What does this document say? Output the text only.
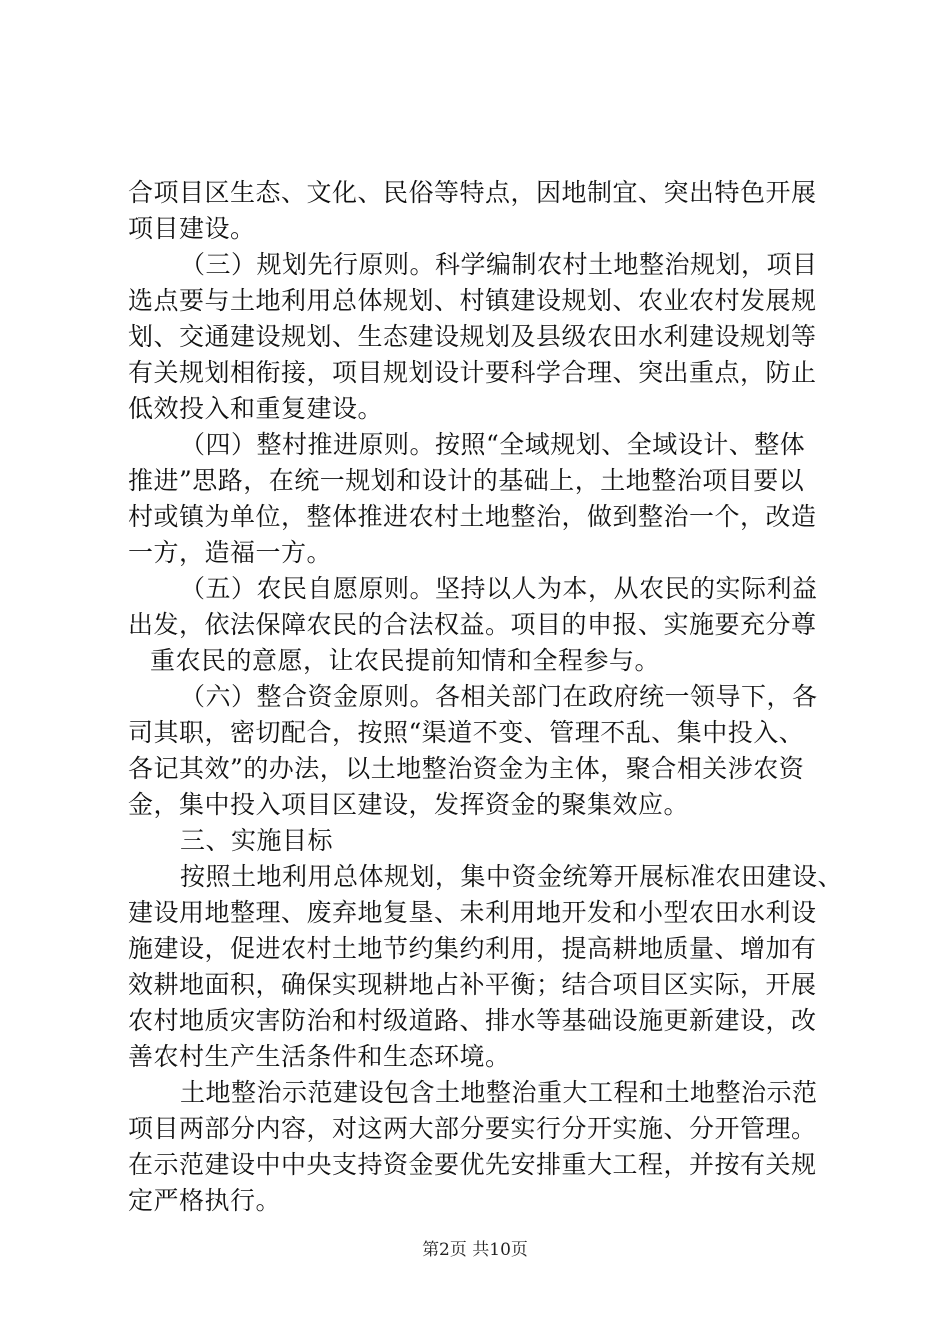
合项目区生态、文化、民俗等特点，因地制宜、突出特色开展
项目建设。
（三）规划先行原则。科学编制农村土地整治规划，项目
选点要与土地利用总体规划、村镇建设规划、农业农村发展规
划、交通建设规划、生态建设规划及县级农田水利建设规划等
有关规划相衔接，项目规划设计要科学合理、突出重点，防止
低效投入和重复建设。
（四）整村推进原则。按照“全域规划、全域设计、整体
推进”思路，在统一规划和设计的基础上，土地整治项目要以
村或镇为单位，整体推进农村土地整治，做到整治一个，改造
一方，造福一方。
（五）农民自愿原则。坚持以人为本，从农民的实际利益
出发，依法保障农民的合法权益。项目的申报、实施要充分尊
重农民的意愿，让农民提前知情和全程参与。
（六）整合资金原则。各相关部门在政府统一领导下，各
司其职，密切配合，按照“渠道不变、管理不乱、集中投入、
各记其效”的办法，以土地整治资金为主体，聚合相关涉农资
金，集中投入项目区建设，发挥资金的聚集效应。
三、实施目标
按照土地利用总体规划，集中资金统筹开展标准农田建设、
建设用地整理、废弃地复垦、未利用地开发和小型农田水利设
施建设，促进农村土地节约集约利用，提高耕地质量、增加有
效耕地面积，确保实现耕地占补平衡；结合项目区实际，开展
农村地质灾害防治和村级道路、排水等基础设施更新建设，改
善农村生产生活条件和生态环境。
土地整治示范建设包含土地整治重大工程和土地整治示范
项目两部分内容，对这两大部分要实行分开实施、分开管理。
在示范建设中中央支持资金要优先安排重大工程，并按有关规
定严格执行。
第2页 共10页
